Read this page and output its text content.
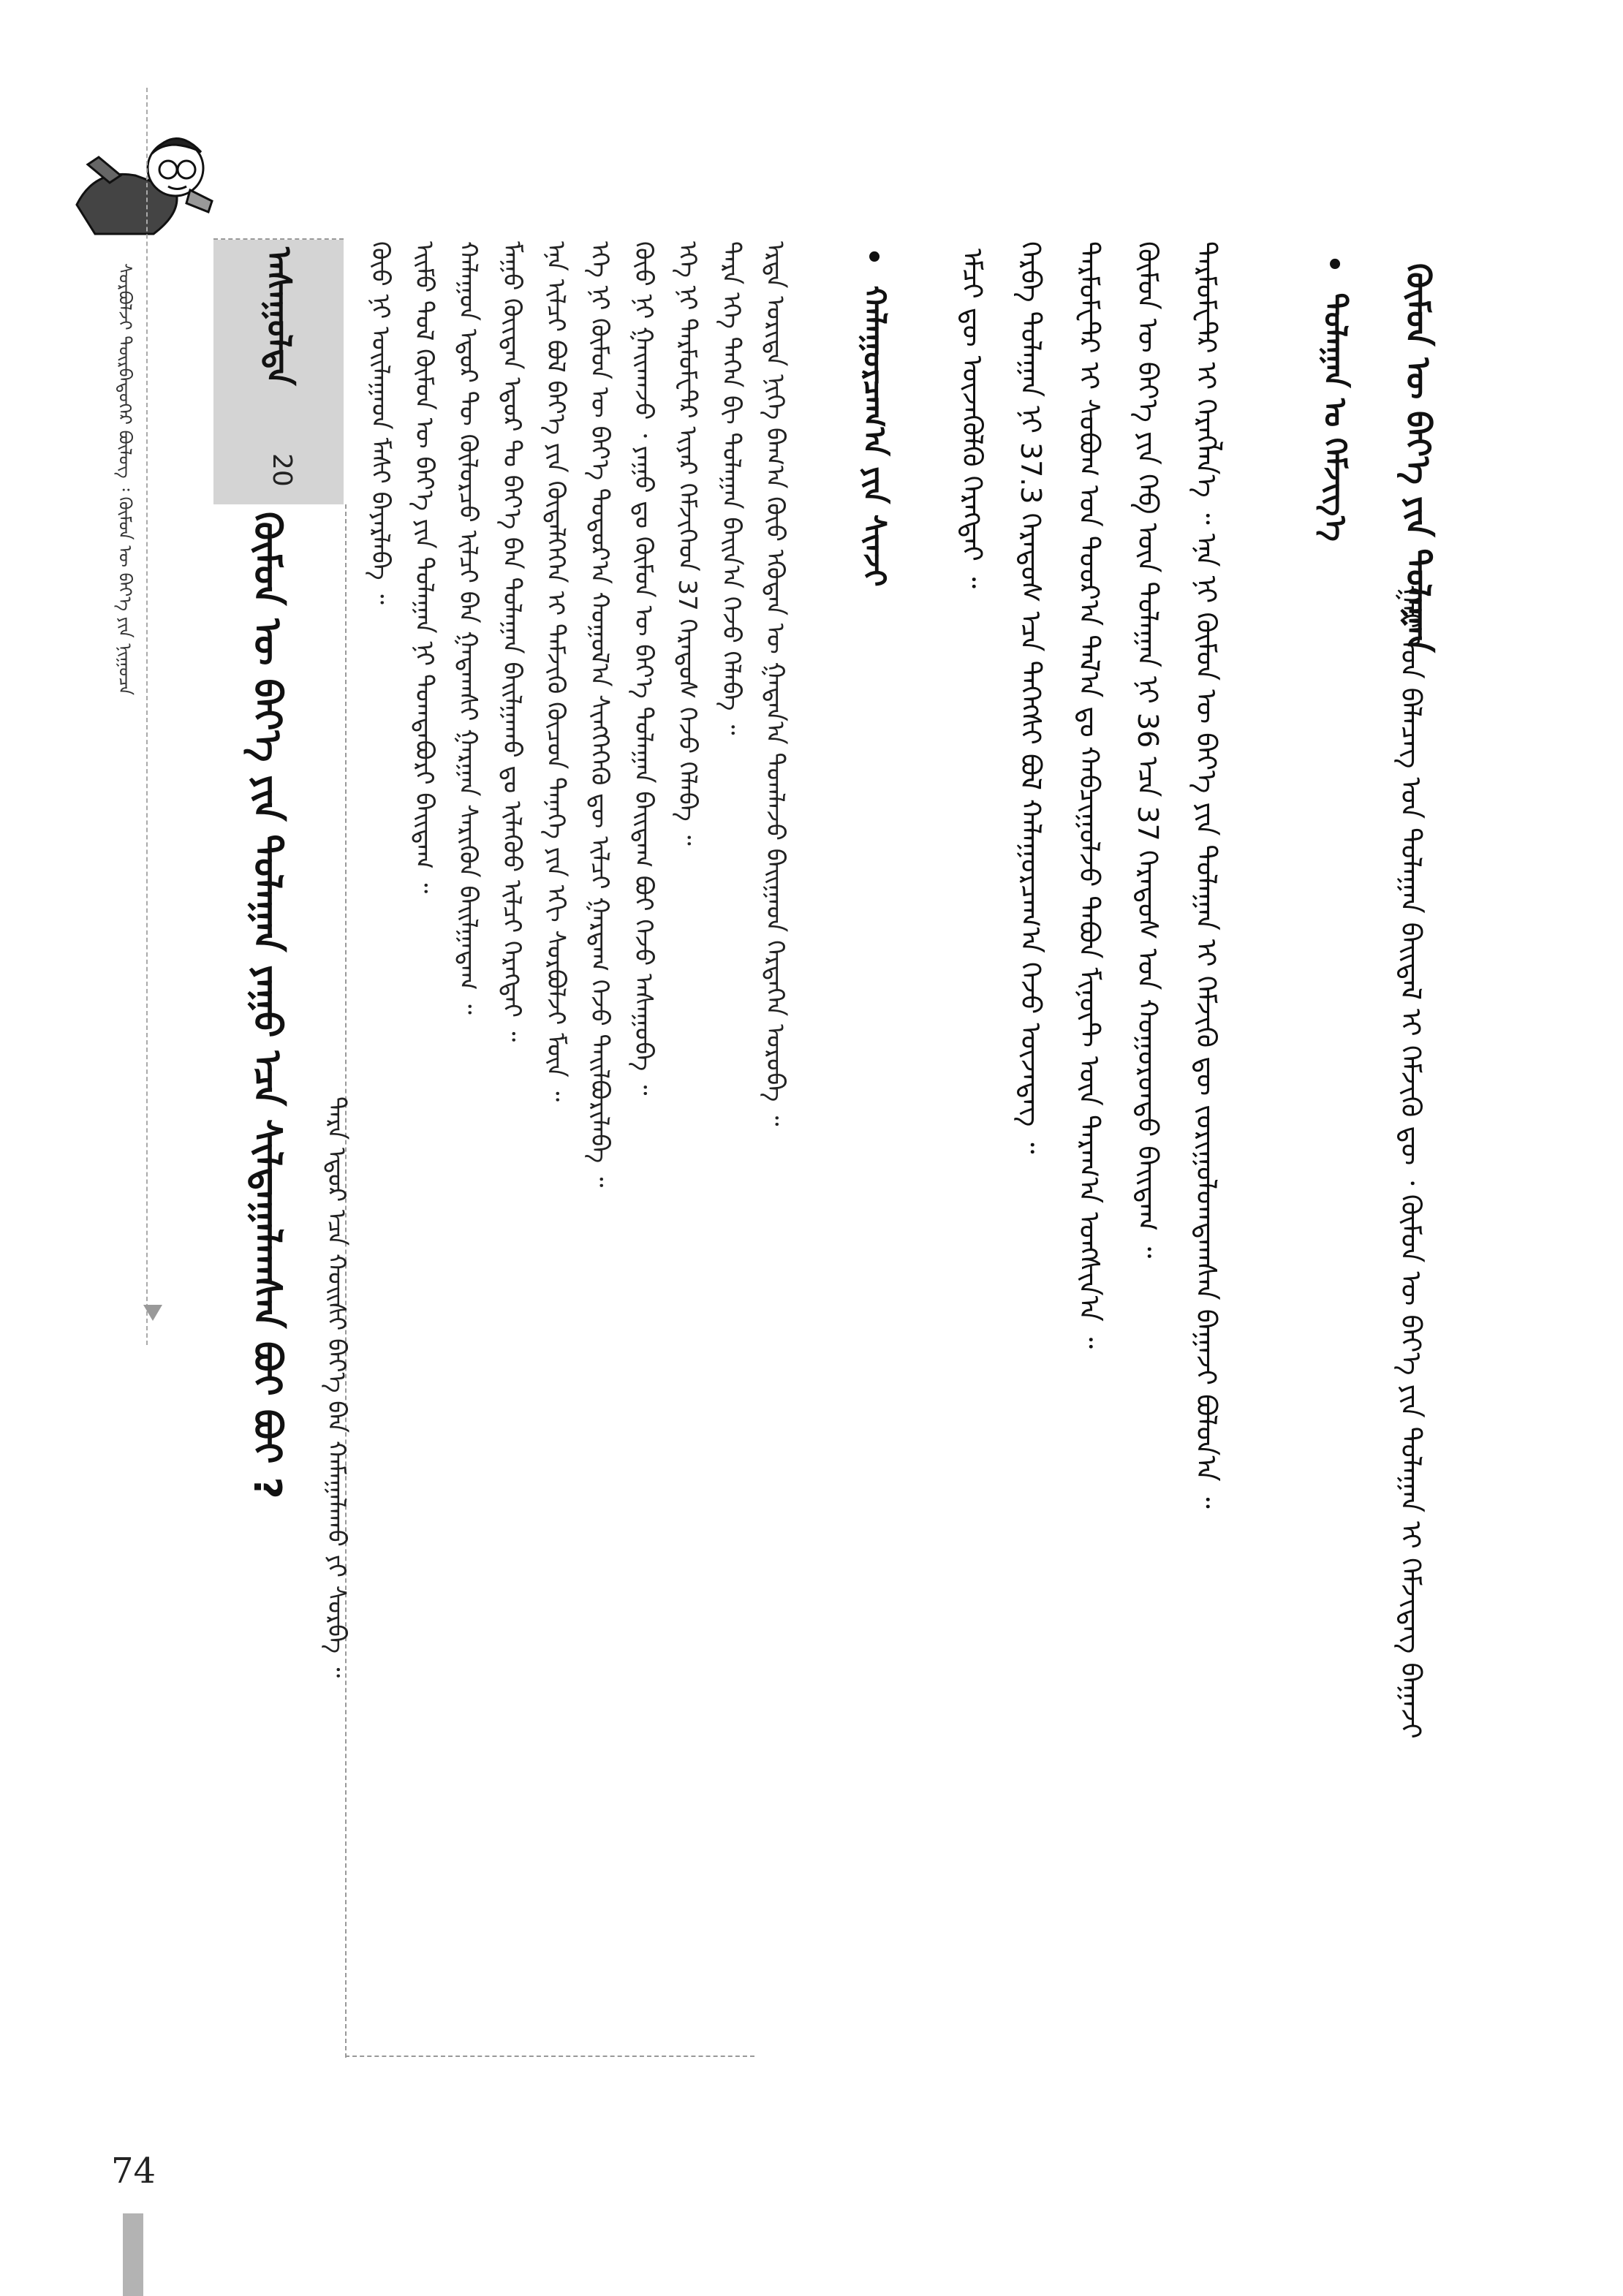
ᠰᠣᠷᠪᠤᠯᠵᠢ ᠳᠦᠷᠪᠡᠳᠦᠭᠡᠷ ᠪᠦᠯᠦᠭ ᠄ ᠬᠦᠮᠦᠨ ᠦ ᠪᠡᠶ᠎ᠡ ᠶᠢᠨ ᠨᠢᠭᠤᠴᠠ	ᠬᠦᠮᠦᠨ ᠦ ᠪᠡᠶ᠎ᠡ ᠶᠢᠨ ᠳᠤᠯᠠᠭᠠᠨ
• ᠳᠤᠯᠠᠭᠠᠨ ᠤ ᠬᠡᠮᠵᠢᠭ᠎ᠡ
ᠭᠠᠷ ᠤᠨ ᠪᠡᠯᠡᠴᠡᠭ ᠤᠨ ᠳᠤᠯᠠᠭᠠᠨ ᠪᠠᠢᠳᠠᠯ ᠢ ᠬᠡᠮᠵᠢᠬᠦ ᠳᠦ ᠂ ᠬᠦᠮᠦᠨ ᠦ ᠪᠡᠶ᠎ᠡ ᠶᠢᠨ ᠳᠤᠯᠠᠭᠠᠨ ᠢ ᠬᠡᠮᠵᠢᠳᠡᠭ ᠪᠠᠭᠠᠵᠢ
ᠲᠡᠷᠮᠣᠮᠧᠲ᠋ᠷ ᠢ ᠬᠡᠷᠡᠭᠯᠡᠨ᠎ᠡ ᠃ ᠡᠨᠡ ᠨᠢ ᠬᠦᠮᠦᠨ ᠦ ᠪᠡᠶ᠎ᠡ ᠶᠢᠨ ᠳᠤᠯᠠᠭᠠᠨ ᠢ ᠬᠡᠮᠵᠢᠬᠦ ᠳᠦ ᠵᠣᠷᠢᠭᠤᠯᠤᠭᠳᠠᠭᠰᠠᠨ ᠪᠠᠭᠠᠵᠢ ᠪᠣᠯᠤᠨ᠎ᠠ ᠃
ᠬᠦᠮᠦᠨ ᠦ ᠪᠡᠶ᠎ᠡ ᠶᠢᠨ ᠬᠡᠪ ᠦᠨ ᠳᠤᠯᠠᠭᠠᠨ ᠨᠢ 36 ᠡᠴᠡ 37 ᠭᠡᠷᠡᠳᠦᠰ ᠤᠨ ᠬᠣᠭᠣᠷᠤᠨᠳᠤ ᠪᠠᠢᠳᠠᠭ ᠃
ᠲᠡᠷᠮᠣᠮᠧᠲ᠋ᠷ ᠢ ᠰᠣᠪᠤᠭ ᠤᠨ ᠳᠣᠣᠷ᠎ᠠ ᠲᠠᠯ᠎ᠠ ᠳᠤ ᠬᠠᠪᠴᠢᠭᠤᠯᠵᠤ ᠲᠠᠪᠤᠨ ᠮᠢᠨᠦ᠋ᠲ ᠦᠨ ᠳᠠᠷᠠᠭ᠎ᠠ ᠤᠩᠰᠢᠨ᠎ᠠ ᠃
ᠬᠡᠷᠪᠡ ᠳᠤᠯᠠᠭᠠᠨ ᠨᠢ 37.3 ᠭᠡᠷᠡᠳᠦᠰ ᠡᠴᠡ ᠳᠡᠭᠡᠭᠰᠢ ᠪᠣᠯ ᠬᠠᠯᠠᠭᠤᠷᠴᠠᠭ᠎ᠠ ᠭᠡᠵᠦ ᠦᠵᠡᠳᠡᠭ ᠃
ᠡᠮᠴᠢ ᠳᠦ ᠦᠵᠡᠭᠦᠯᠬᠦ ᠬᠡᠷᠡᠭᠲᠡᠶ ᠃
• ᠬᠠᠯᠠᠭᠤᠷᠴᠠᠭ᠎ᠠ ᠶᠢᠨ ᠱᠢᠨᠵᠢ
ᠠᠰᠠᠭᠤᠯᠲᠠ
20
ᠬᠦᠮᠦᠨ ᠦ ᠪᠡᠶ᠎ᠡ ᠶᠢᠨ ᠳᠤᠯᠠᠭᠠᠨ ᠶᠠᠭᠤ ᠡᠴᠡ ᠰᠢᠯᠲᠠᠭᠠᠯᠠᠭᠰᠠᠨ ᠪᠤᠢ ᠪᠤᠢ ?	ᠡᠷᠲᠡ ᠤᠷᠢᠳᠠ ᠨᠢᠭᠡ ᠪᠠᠭ᠎ᠠ ᠬᠦᠦ ᠡᠭᠦᠳᠡᠨ ᠦ ᠭᠠᠳᠠᠨ᠎ᠠ ᠲᠣᠭᠯᠠᠵᠤ ᠪᠠᠢᠭᠠᠳ ᠭᠡᠷᠲᠡᠭᠡᠨ ᠣᠷᠣᠪᠠ ᠃
ᠲᠡᠷᠡ ᠡᠬᠡ ᠳᠡᠭᠡᠨ ᠪᠢ ᠳᠤᠯᠠᠭᠠᠨ ᠪᠠᠢᠨ᠎ᠠ ᠭᠡᠵᠦ ᠬᠡᠯᠡᠪᠡ ᠃
ᠡᠬᠡ ᠨᠢ ᠲᠡᠷᠮᠣᠮᠧᠲ᠋ᠷ ᠢᠶᠠᠷ ᠬᠡᠮᠵᠢᠭᠡᠳ 37 ᠭᠡᠷᠡᠳᠦᠰ ᠭᠡᠵᠦ ᠬᠡᠯᠡᠪᠡ ᠃
ᠬᠦᠦ ᠨᠢ ᠭᠠᠢᠬᠠᠵᠤ ᠂ ᠶᠠᠭᠤ ᠳᠤ ᠬᠦᠮᠦᠨ ᠦ ᠪᠡᠶ᠎ᠡ ᠳᠤᠯᠠᠭᠠᠨ ᠪᠠᠢᠳᠠᠭ ᠪᠤᠢ ᠭᠡᠵᠦ ᠠᠰᠠᠭᠤᠪᠠ ᠃
ᠡᠬᠡ ᠨᠢ ᠬᠦᠮᠦᠨ ᠦ ᠪᠡᠶ᠎ᠡ ᠳᠣᠲᠣᠷ᠎ᠠ ᠬᠣᠭᠣᠯ᠎ᠠ ᠰᠢᠩᠭᠡᠭᠡᠬᠦ ᠳᠦ ᠢᠯᠴᠢ ᠭᠠᠷᠳᠠᠭ ᠭᠡᠵᠦ ᠲᠠᠢᠯᠪᠤᠷᠢᠯᠠᠪᠠ ᠃
ᠡᠨᠡ ᠢᠯᠴᠢ ᠪᠣᠯ ᠪᠡᠶ᠎ᠡ ᠶᠢᠨ ᠬᠦᠳᠡᠯᠭᠡᠭᠡᠨ ᠢ ᠳᠡᠮᠵᠢᠬᠦ ᠬᠦᠴᠦᠨ ᠲᠡᠨᠡᠭᠡ ᠶᠢᠨ ᠡᠬᠢ ᠰᠤᠷᠪᠤᠯᠵᠢ ᠮᠥᠨ ᠃
ᠮᠠᠭᠤ ᠬᠦᠢᠲᠡᠨ ᠡᠳᠦᠷ ᠲᠤ ᠪᠡᠶ᠎ᠡ ᠪᠡᠨ ᠳᠤᠯᠠᠭᠠᠨ ᠪᠠᠢᠯᠭᠠᠬᠤ ᠳᠤ ᠢᠯᠡᠭᠦᠦ ᠢᠯᠴᠢ ᠬᠡᠷᠡᠭᠲᠡᠶ ᠃
ᠬᠠᠯᠠᠭᠤᠨ ᠡᠳᠦᠷ ᠲᠦ ᠬᠥᠯᠥᠷᠴᠦ ᠢᠯᠴᠢ ᠪᠠᠨ ᠭᠠᠳᠠᠭᠱᠢ ᠭᠠᠷᠭᠠᠨ ᠰᠡᠷᠢᠭᠦᠨ ᠪᠠᠢᠯᠭᠠᠳᠠᠭ ᠃
ᠡᠢᠮᠦ ᠲᠤᠯ ᠬᠦᠮᠦᠨ ᠦ ᠪᠡᠶ᠎ᠡ ᠶᠢᠨ ᠳᠤᠯᠠᠭᠠᠨ ᠨᠢ ᠲᠣᠭᠲᠠᠪᠤᠷᠢ ᠪᠠᠢᠳᠠᠭ ᠃
ᠬᠦᠦ ᠨᠢ ᠣᠢᠯᠠᠭᠠᠳ ᠮᠠᠰᠢ ᠪᠠᠶᠠᠷᠯᠠᠪᠠ ᠃
ᠲᠡᠷᠡ ᠡᠳᠦᠷ ᠡᠴᠡ ᠬᠣᠢᠰᠢ ᠪᠡᠶ᠎ᠡ ᠪᠡᠨ ᠬᠠᠮᠠᠭᠠᠯᠠᠬᠤ ᠶᠢ ᠰᠤᠷᠪᠠ ᠃
74
